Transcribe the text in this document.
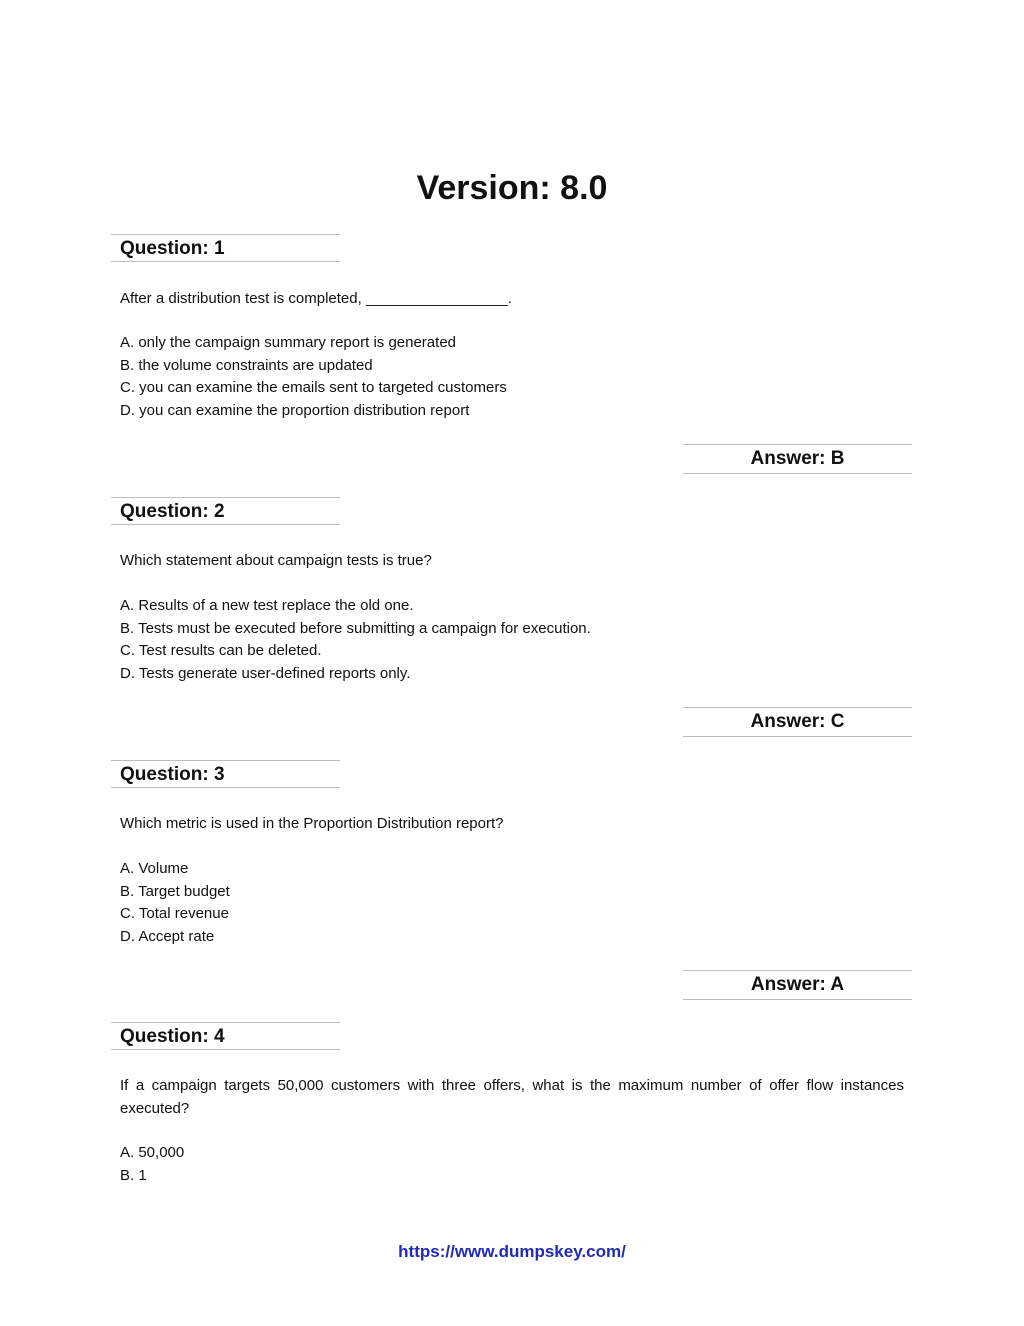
Version: 8.0
Question: 1
After a distribution test is completed, _________________.
A. only the campaign summary report is generated
B. the volume constraints are updated
C. you can examine the emails sent to targeted customers
D. you can examine the proportion distribution report
Answer: B
Question: 2
Which statement about campaign tests is true?
A. Results of a new test replace the old one.
B. Tests must be executed before submitting a campaign for execution.
C. Test results can be deleted.
D. Tests generate user-defined reports only.
Answer: C
Question: 3
Which metric is used in the Proportion Distribution report?
A. Volume
B. Target budget
C. Total revenue
D. Accept rate
Answer: A
Question: 4
If a campaign targets 50,000 customers with three offers, what is the maximum number of offer flow instances executed?
A. 50,000
B. 1
https://www.dumpskey.com/
